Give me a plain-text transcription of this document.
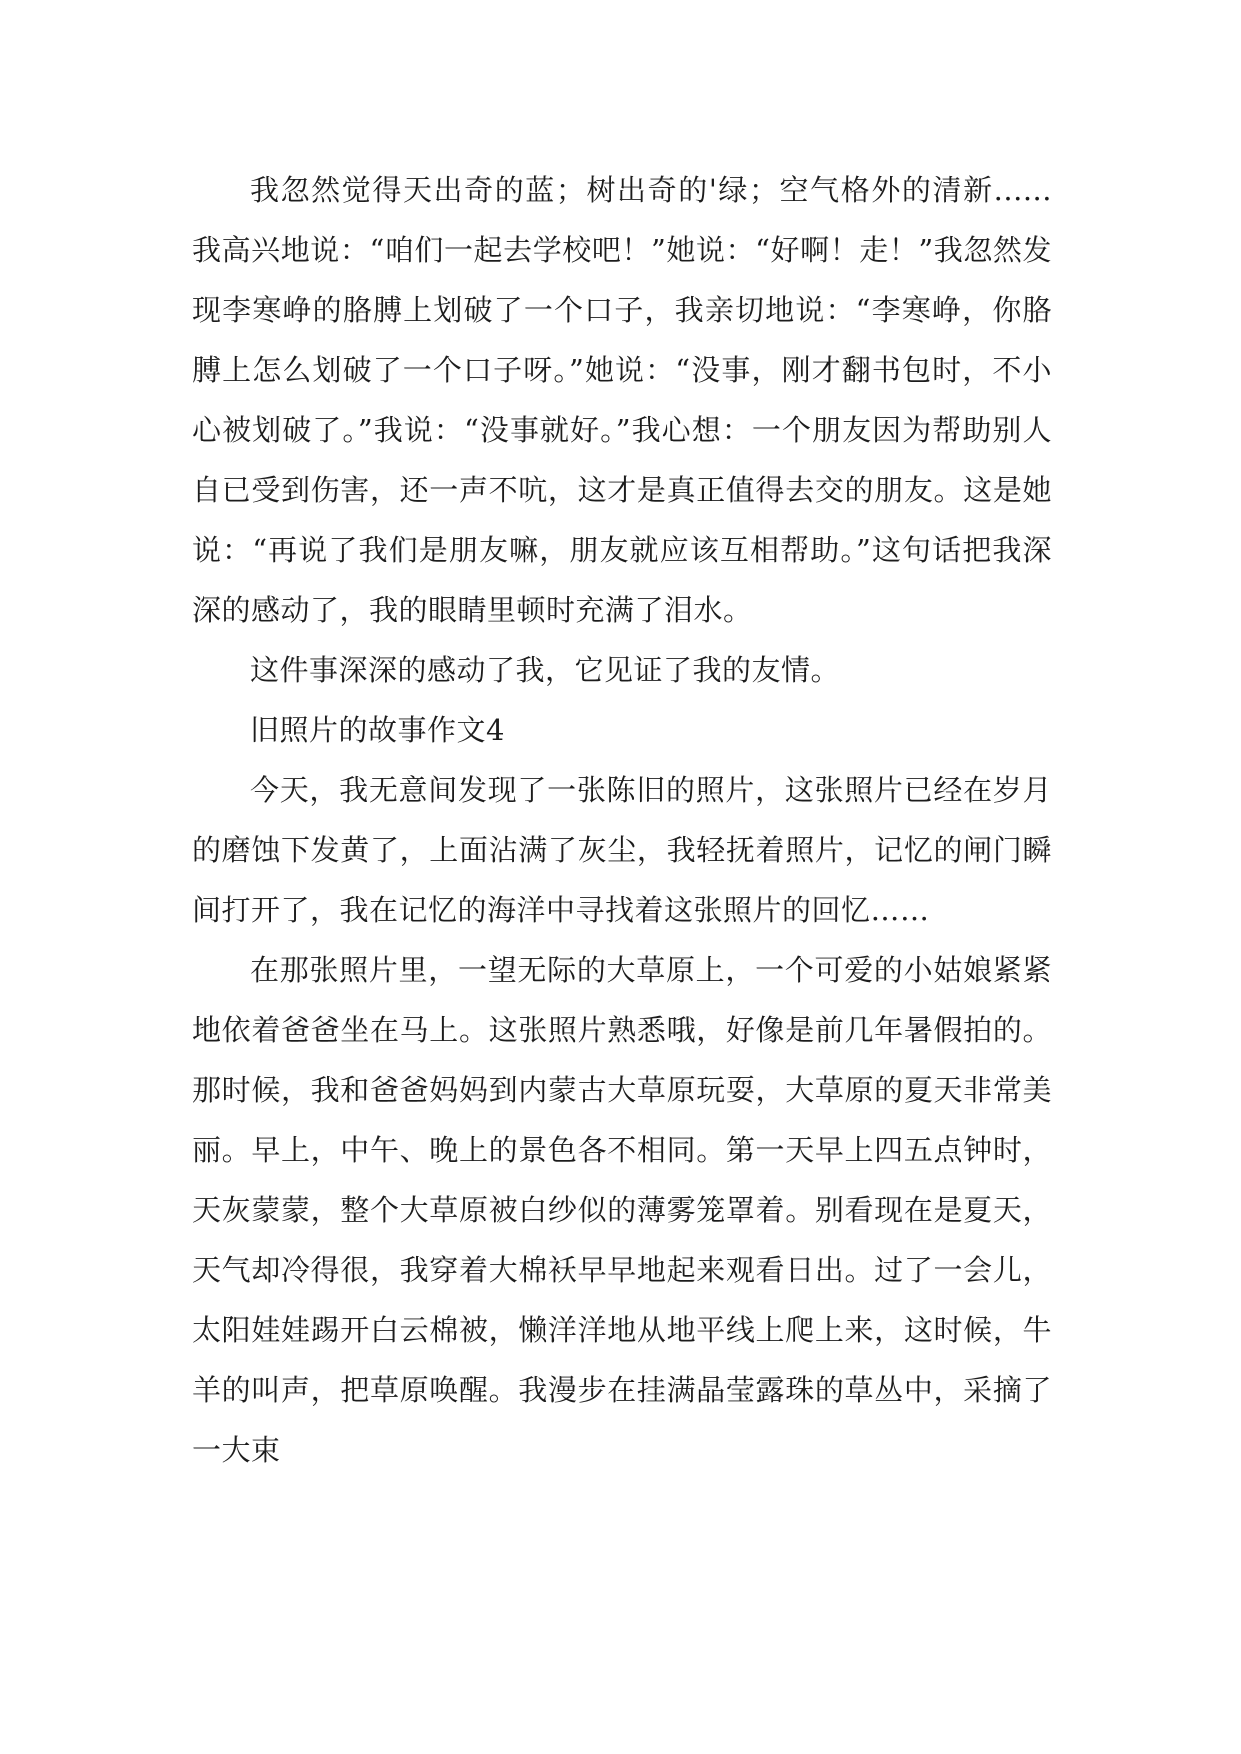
我忽然觉得天出奇的蓝；树出奇的'绿；空气格外的清新......我高兴地说：“咱们一起去学校吧！”她说：“好啊！走！”我忽然发现李寒峥的胳膊上划破了一个口子，我亲切地说：“李寒峥，你胳膊上怎么划破了一个口子呀。”她说：“没事，刚才翻书包时，不小心被划破了。”我说：“没事就好。”我心想：一个朋友因为帮助别人自已受到伤害，还一声不吭，这才是真正值得去交的朋友。这是她说：“再说了我们是朋友嘛，朋友就应该互相帮助。”这句话把我深深的感动了，我的眼睛里顿时充满了泪水。

这件事深深的感动了我，它见证了我的友情。

旧照片的故事作文4

今天，我无意间发现了一张陈旧的照片，这张照片已经在岁月的磨蚀下发黄了，上面沾满了灰尘，我轻抚着照片，记忆的闸门瞬间打开了，我在记忆的海洋中寻找着这张照片的回忆……

在那张照片里，一望无际的大草原上，一个可爱的小姑娘紧紧地依着爸爸坐在马上。这张照片熟悉哦，好像是前几年暑假拍的。那时候，我和爸爸妈妈到内蒙古大草原玩耍，大草原的夏天非常美丽。早上，中午、晚上的景色各不相同。第一天早上四五点钟时，天灰蒙蒙，整个大草原被白纱似的薄雾笼罩着。别看现在是夏天，天气却冷得很，我穿着大棉袄早早地起来观看日出。过了一会儿，太阳娃娃踢开白云棉被，懒洋洋地从地平线上爬上来，这时候，牛羊的叫声，把草原唤醒。我漫步在挂满晶莹露珠的草丛中，采摘了一大束
